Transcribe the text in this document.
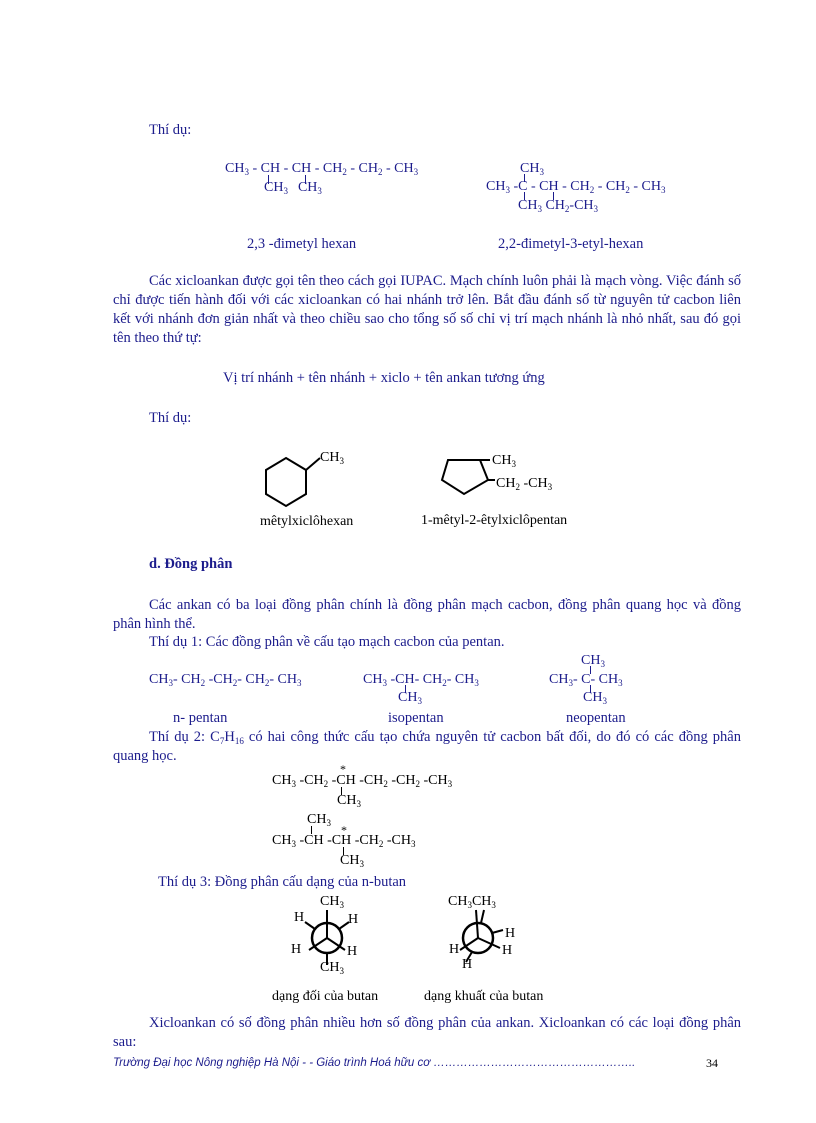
Thí dụ:
$CH_3$ - CH - CH - $CH_2 - CH_2 - CH_3$
$CH_3$ $CH_3$
2,3 -đimetyl hexan
$CH_3$
$CH_3$ -C - CH - $CH_2 - CH_2 - CH_3$
$CH_3$ $CH_2-CH_3$
2,2-đimetyl-3-etyl-hexan
Các xicloankan được gọi tên theo cách gọi IUPAC. Mạch chính luôn phải là mạch vòng. Việc đánh số chỉ được tiến hành đối với các xicloankan có hai nhánh trở lên. Bắt đầu đánh số từ nguyên tử cacbon liên kết với nhánh đơn giản nhất và theo chiều sao cho tổng số số chỉ vị trí mạch nhánh là nhỏ nhất, sau đó gọi tên theo thứ tự:
Vị trí nhánh + tên nhánh + xiclo + tên ankan tương ứng
Thí dụ:
$CH_3$
mêtylxiclôhexan
$CH_3$
$CH_2$ $-CH_3$
1-mêtyl-2-êtylxiclôpentan
d. Đồng phân
Các ankan có ba loại đồng phân chính là đồng phân mạch cacbon, đồng phân quang học và đồng phân hình thể.
Thí dụ 1: Các đồng phân về cấu tạo mạch cacbon của pentan.
$CH_3-$ $CH_2$ $-CH_2-$ $CH_2-$ $CH_3$
n- pentan
$CH_3$ -CH- $CH_2-$ $CH_3$
$CH_3$
isopentan
$CH_3$
$CH_3-$ C- $CH_3$
$CH_3$
neopentan
Thí dụ 2: $C_7H_{16}$ có hai công thức cấu tạo chứa nguyên tử cacbon bất đối, do đó có các đồng phân quang học.
*
$CH_3$ $-CH_2$ -CH $-CH_2$ $-CH_2$ $-CH_3$
$CH_3$
$CH_3$ *
$CH_3$ -CH -CH $-CH_2$ $-CH_3$
$CH_3$
Thí dụ 3: Đồng phân cấu dạng của n-butan
$CH_3$
H	H
H	H
$CH_3$
$CH_3CH_3$
H
H	H
H
dạng đối của butan	dạng khuất của butan
Xicloankan có số đồng phân nhiều hơn số đồng phân của ankan. Xicloankan có các loại đồng phân sau:
Trường Đại học Nông nghiệp Hà Nội - - Giáo trình Hoá hữu cơ ……………………………………………..	34
